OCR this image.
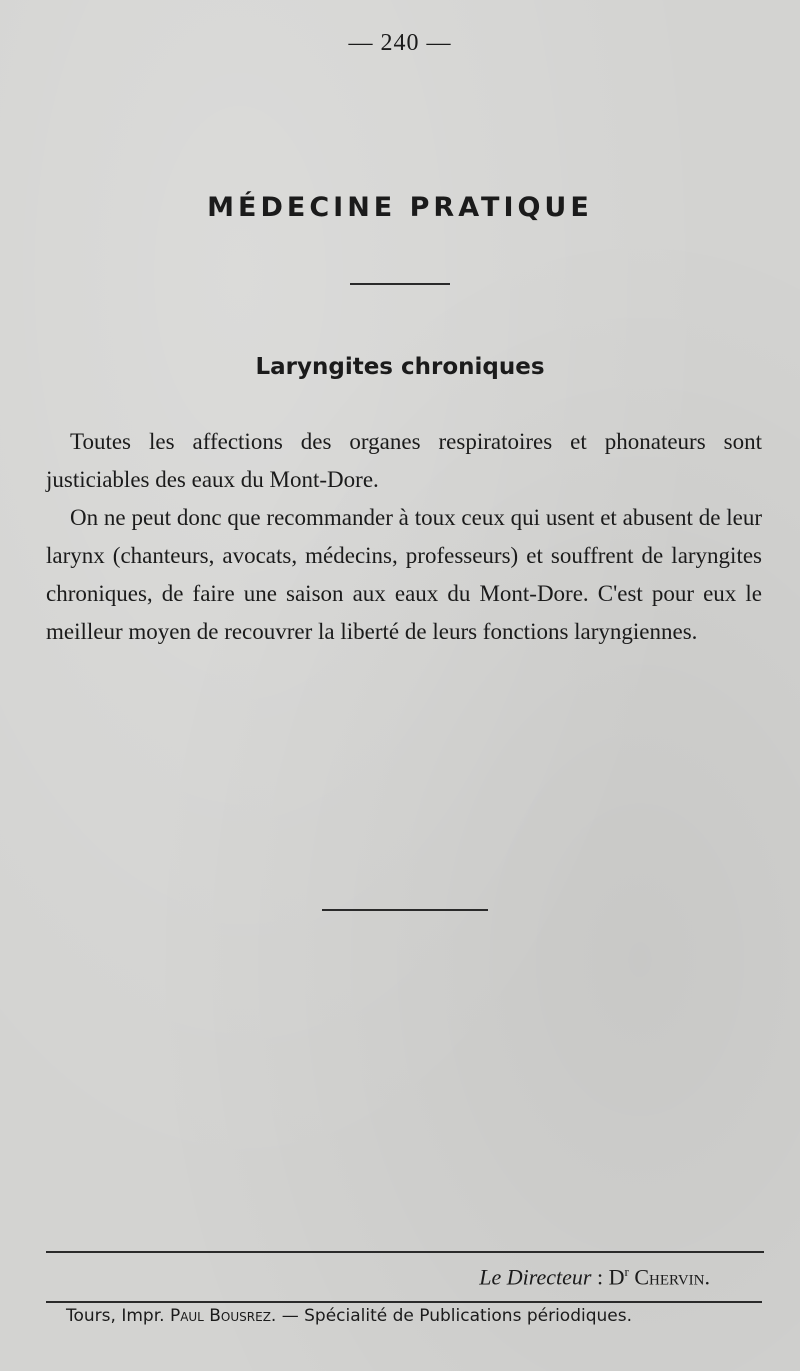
— 240 —
MÉDECINE PRATIQUE
Laryngites chroniques

Toutes les affections des organes respiratoires et phonateurs sont justiciables des eaux du Mont-Dore.

On ne peut donc que recommander à toux ceux qui usent et abusent de leur larynx (chanteurs, avocats, médecins, professeurs) et souffrent de laryngites chroniques, de faire une saison aux eaux du Mont-Dore. C'est pour eux le meilleur moyen de recouvrer la liberté de leurs fonctions laryngiennes.

Le Directeur : $D^r$ Chervin.
Tours, Impr. Paul Bousrez. — Spécialité de Publications périodiques.
